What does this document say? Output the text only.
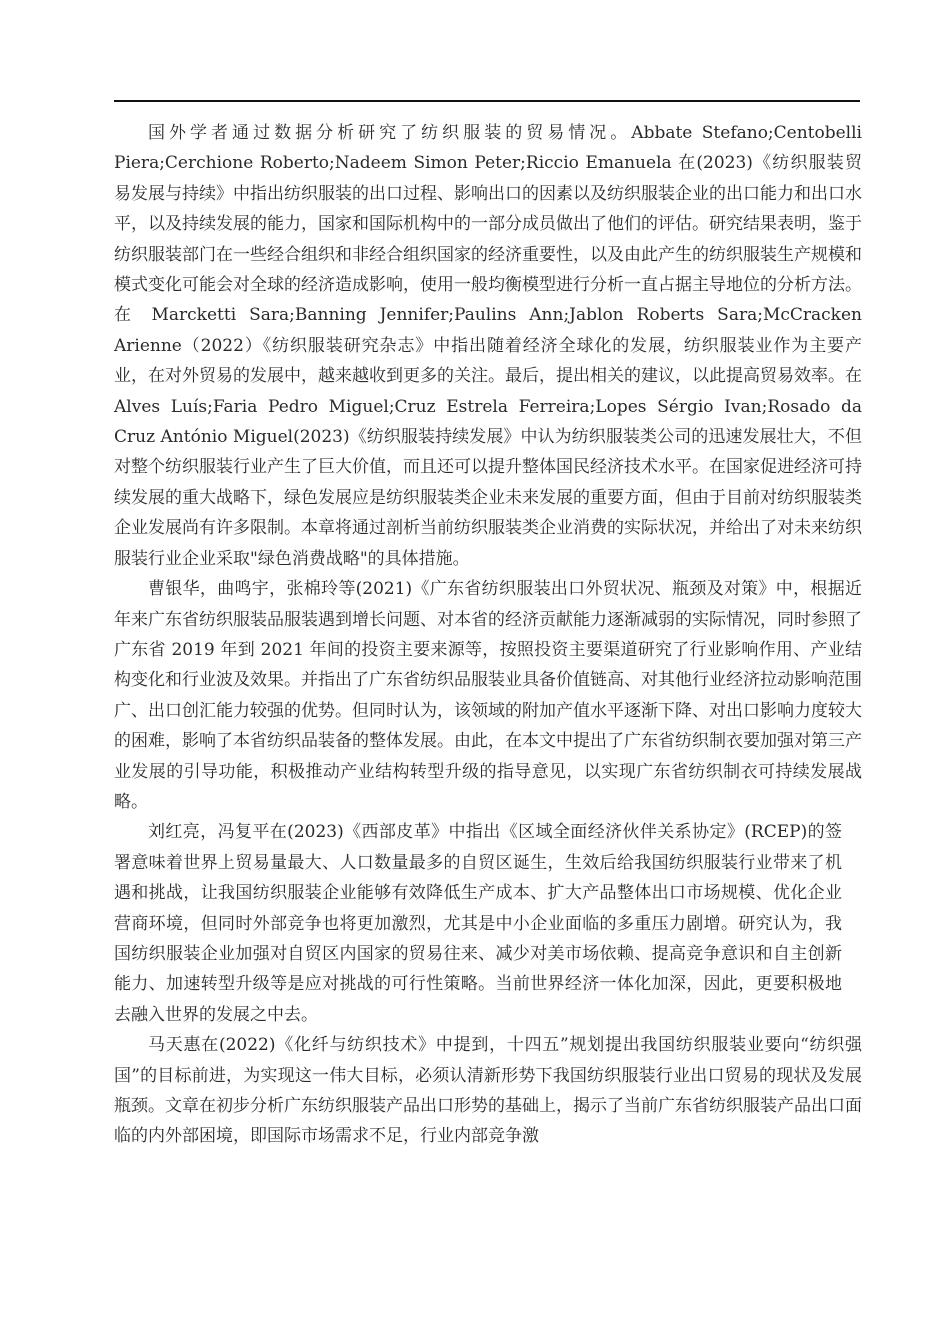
国外学者通过数据分析研究了纺织服装的贸易情况。Abbate Stefano;Centobelli Piera;Cerchione Roberto;Nadeem Simon Peter;Riccio Emanuela 在(2023)《纺织服装贸易发展与持续》中指出纺织服装的出口过程、影响出口的因素以及纺织服装企业的出口能力和出口水平，以及持续发展的能力，国家和国际机构中的一部分成员做出了他们的评估。研究结果表明，鉴于纺织服装部门在一些经合组织和非经合组织国家的经济重要性，以及由此产生的纺织服装生产规模和模式变化可能会对全球的经济造成影响，使用一般均衡模型进行分析一直占据主导地位的分析方法。在 Marcketti Sara;Banning Jennifer;Paulins Ann;Jablon Roberts Sara;McCracken Arienne（2022）《纺织服装研究杂志》中指出随着经济全球化的发展，纺织服装业作为主要产业，在对外贸易的发展中，越来越收到更多的关注。最后，提出相关的建议，以此提高贸易效率。在 Alves Luís;Faria Pedro Miguel;Cruz Estrela Ferreira;Lopes Sérgio Ivan;Rosado da Cruz António Miguel(2023)《纺织服装持续发展》中认为纺织服装类公司的迅速发展壮大，不但对整个纺织服装行业产生了巨大价值，而且还可以提升整体国民经济技术水平。在国家促进经济可持续发展的重大战略下，绿色发展应是纺织服装类企业未来发展的重要方面，但由于目前对纺织服装类企业发展尚有许多限制。本章将通过剖析当前纺织服装类企业消费的实际状况，并给出了对未来纺织服装行业企业采取"绿色消费战略"的具体措施。

曹银华，曲鸣宇，张棉玲等(2021)《广东省纺织服装出口外贸状况、瓶颈及对策》中，根据近年来广东省纺织服装品服装遇到增长问题、对本省的经济贡献能力逐渐减弱的实际情况，同时参照了广东省 2019 年到 2021 年间的投资主要来源等，按照投资主要渠道研究了行业影响作用、产业结构变化和行业波及效果。并指出了广东省纺织品服装业具备价值链高、对其他行业经济拉动影响范围广、出口创汇能力较强的优势。但同时认为，该领域的附加产值水平逐渐下降、对出口影响力度较大的困难，影响了本省纺织品装备的整体发展。由此，在本文中提出了广东省纺织制衣要加强对第三产业发展的引导功能，积极推动产业结构转型升级的指导意见，以实现广东省纺织制衣可持续发展战略。

刘红亮，冯复平在(2023)《西部皮革》中指出《区域全面经济伙伴关系协定》(RCEP)的签署意味着世界上贸易量最大、人口数量最多的自贸区诞生，生效后给我国纺织服装行业带来了机遇和挑战，让我国纺织服装企业能够有效降低生产成本、扩大产品整体出口市场规模、优化企业营商环境，但同时外部竞争也将更加激烈，尤其是中小企业面临的多重压力剧增。研究认为，我国纺织服装企业加强对自贸区内国家的贸易往来、减少对美市场依赖、提高竞争意识和自主创新能力、加速转型升级等是应对挑战的可行性策略。当前世界经济一体化加深，因此，更要积极地去融入世界的发展之中去。

马天惠在(2022)《化纤与纺织技术》中提到，十四五”规划提出我国纺织服装业要向“纺织强国”的目标前进，为实现这一伟大目标，必须认清新形势下我国纺织服装行业出口贸易的现状及发展瓶颈。文章在初步分析广东纺织服装产品出口形势的基础上，揭示了当前广东省纺织服装产品出口面临的内外部困境，即国际市场需求不足，行业内部竞争激
